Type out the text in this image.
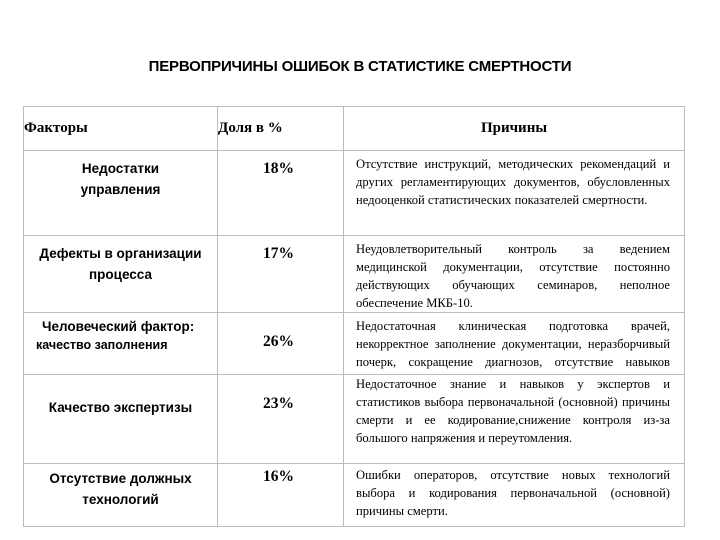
ПЕРВОПРИЧИНЫ ОШИБОК В СТАТИСТИКЕ СМЕРТНОСТИ
Факторы	Доля в %	Причины

Недостатки управления	18%	Отсутствие инструкций, методических рекомендаций и других регламентирующих документов, обусловленных недооценкой статистических показателей смертности.

Дефекты в организации процесса	17%	Неудовлетворительный контроль за ведением медицинской документации, отсутствие постоянно действующих обучающих семинаров, неполное обеспечение МКБ-10.

Человеческий фактор:
качество заполнения	26%	Недостаточная клиническая подготовка врачей, некорректное заполнение документации, неразборчивый почерк, сокращение диагнозов, отсутствие навыков

Качество экспертизы	23%	Недостаточное знание и навыков у экспертов и статистиков выбора первоначальной (основной) причины смерти и ее кодирование,снижение контроля из-за большого напряжения и переутомления.

Отсутствие должных технологий	16%	Ошибки операторов, отсутствие новых технологий выбора и кодирования первоначальной (основной) причины смерти.
